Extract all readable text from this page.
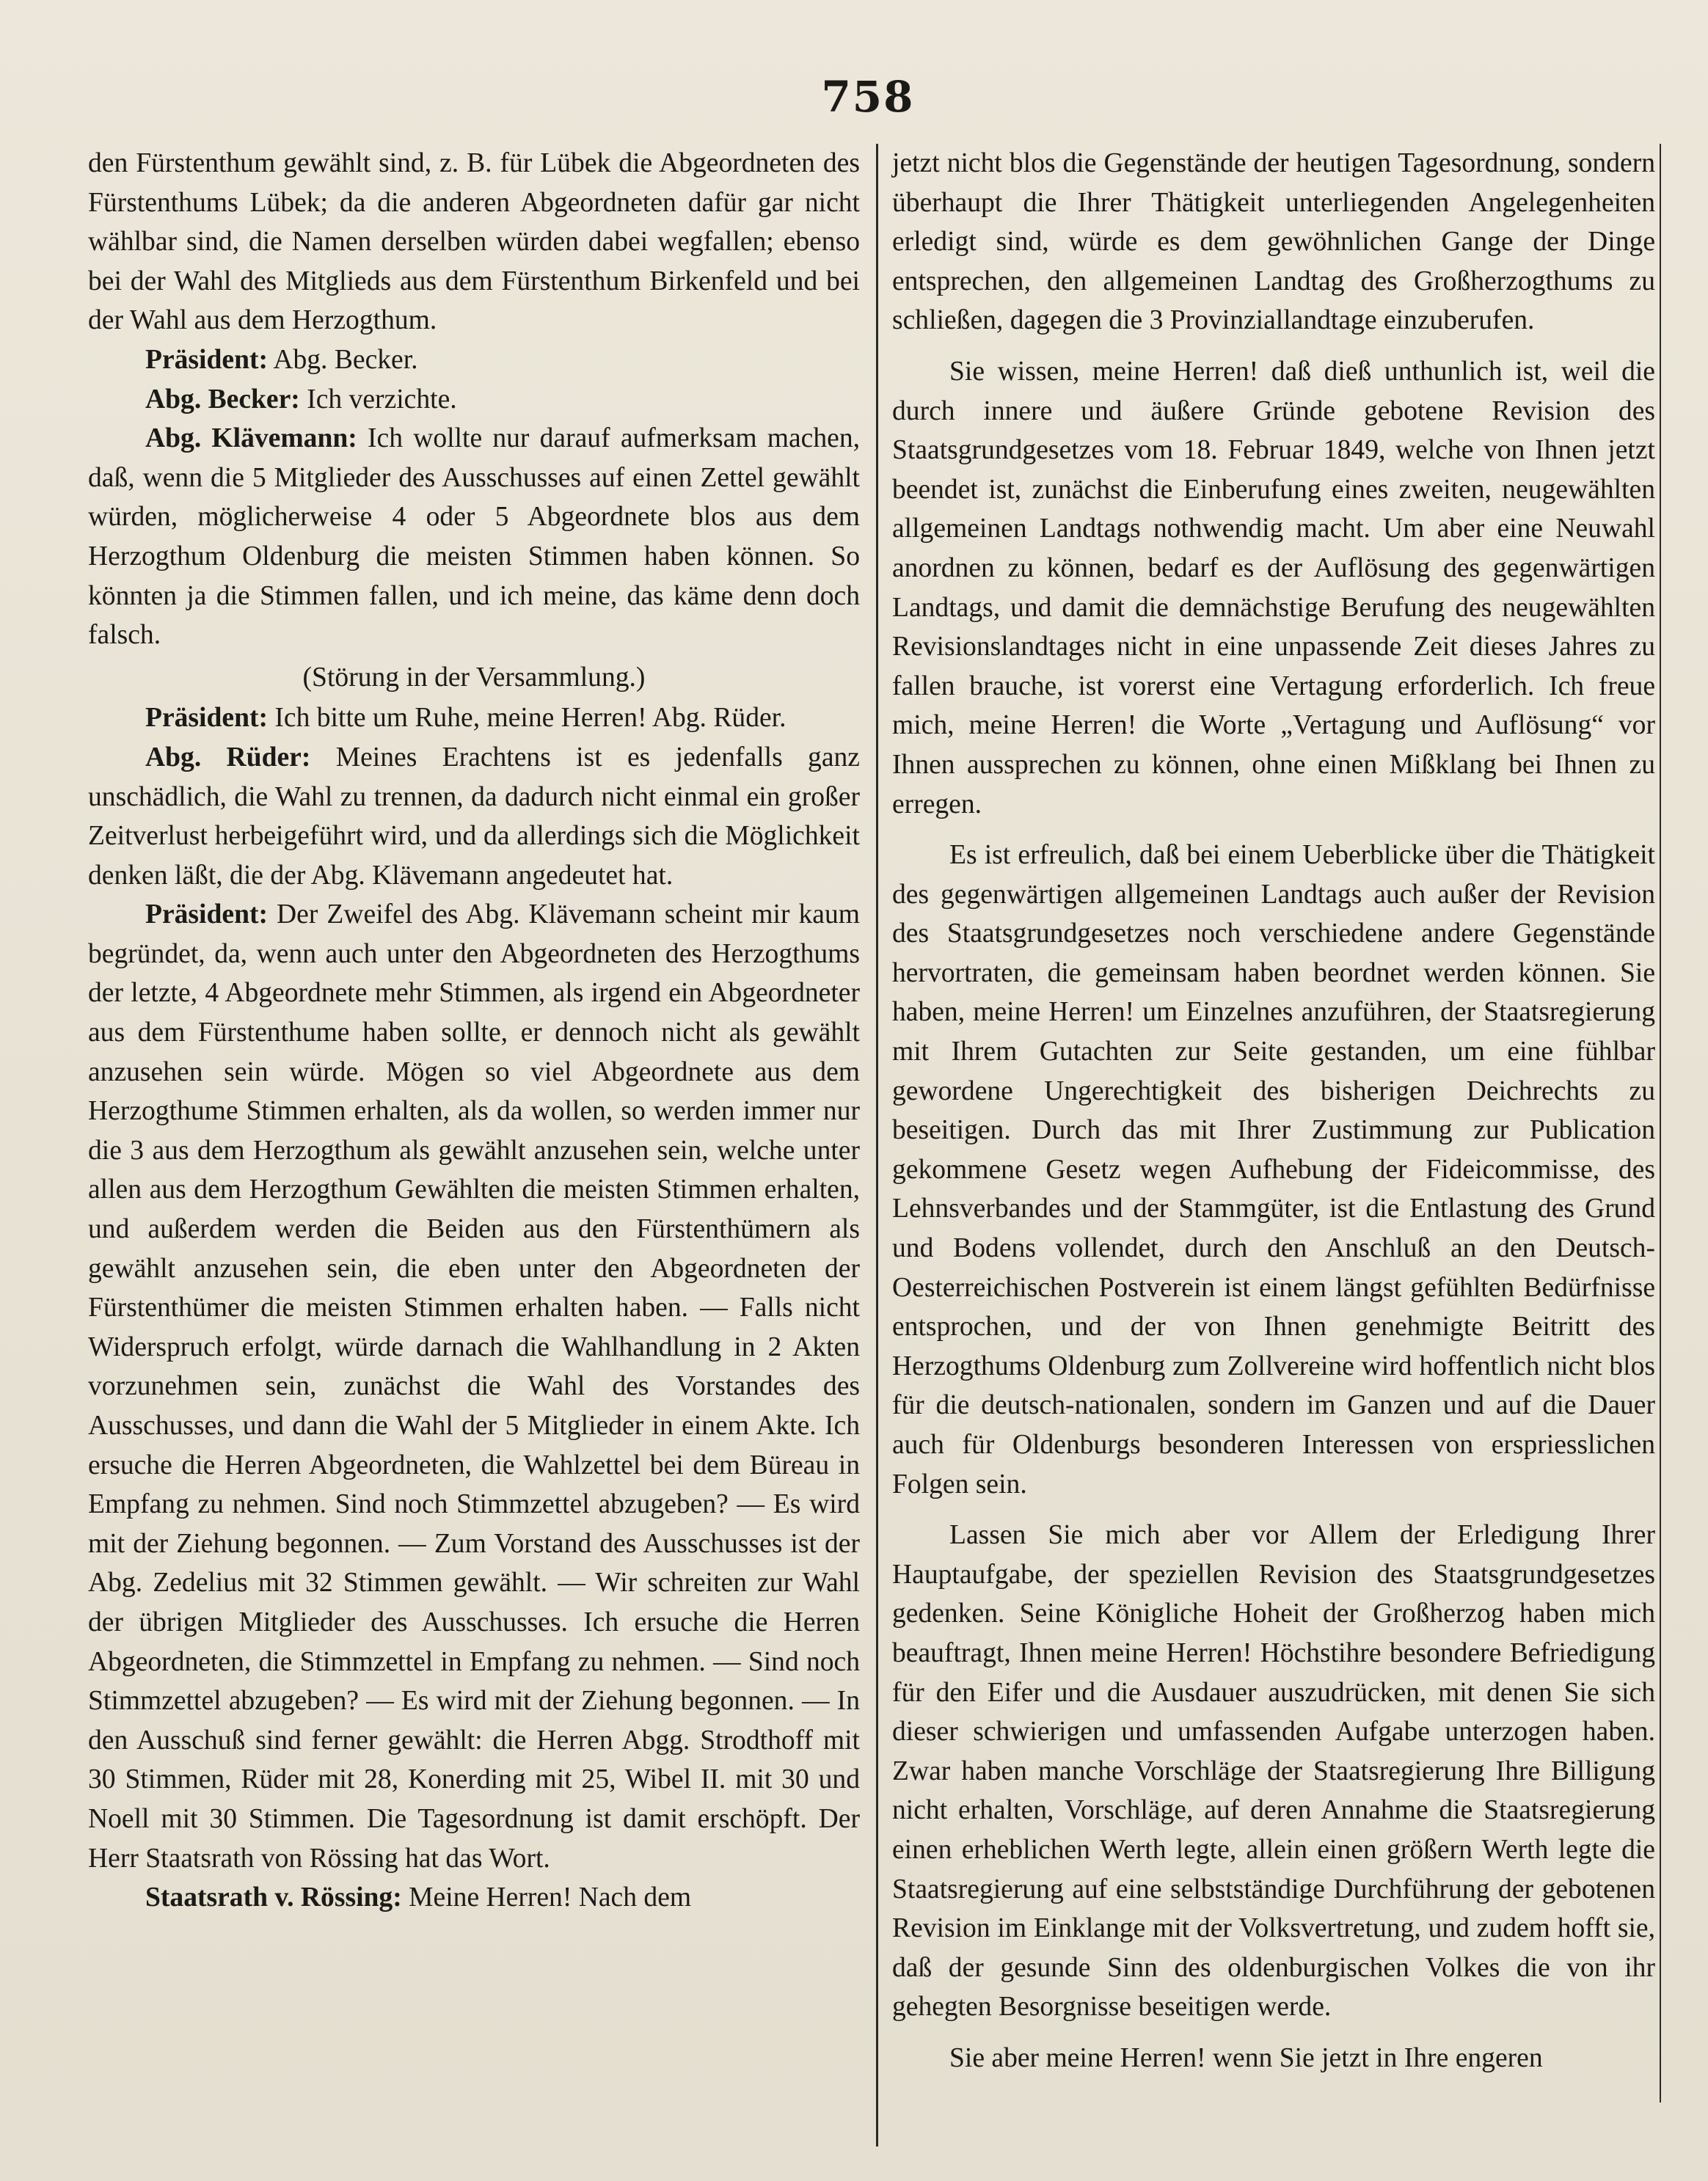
758

den Fürstenthum gewählt sind, z. B. für Lübek die Abgeordneten des Fürstenthums Lübek; da die anderen Abgeordneten dafür gar nicht wählbar sind, die Namen derselben würden dabei wegfallen; ebenso bei der Wahl des Mitglieds aus dem Fürstenthum Birkenfeld und bei der Wahl aus dem Herzogthum.

Präsident: Abg. Becker.

Abg. Becker: Ich verzichte.

Abg. Klävemann: Ich wollte nur darauf aufmerksam machen, daß, wenn die 5 Mitglieder des Ausschusses auf einen Zettel gewählt würden, möglicherweise 4 oder 5 Abgeordnete blos aus dem Herzogthum Oldenburg die meisten Stimmen haben können. So könnten ja die Stimmen fallen, und ich meine, das käme denn doch falsch.

(Störung in der Versammlung.)

Präsident: Ich bitte um Ruhe, meine Herren! Abg. Rüder.

Abg. Rüder: Meines Erachtens ist es jedenfalls ganz unschädlich, die Wahl zu trennen, da dadurch nicht einmal ein großer Zeitverlust herbeigeführt wird, und da allerdings sich die Möglichkeit denken läßt, die der Abg. Klävemann angedeutet hat.

Präsident: Der Zweifel des Abg. Klävemann scheint mir kaum begründet, da, wenn auch unter den Abgeordneten des Herzogthums der letzte, 4 Abgeordnete mehr Stimmen, als irgend ein Abgeordneter aus dem Fürstenthume haben sollte, er dennoch nicht als gewählt anzusehen sein würde. Mögen so viel Abgeordnete aus dem Herzogthume Stimmen erhalten, als da wollen, so werden immer nur die 3 aus dem Herzogthum als gewählt anzusehen sein, welche unter allen aus dem Herzogthum Gewählten die meisten Stimmen erhalten, und außerdem werden die Beiden aus den Fürstenthümern als gewählt anzusehen sein, die eben unter den Abgeordneten der Fürstenthümer die meisten Stimmen erhalten haben. — Falls nicht Widerspruch erfolgt, würde darnach die Wahlhandlung in 2 Akten vorzunehmen sein, zunächst die Wahl des Vorstandes des Ausschusses, und dann die Wahl der 5 Mitglieder in einem Akte. Ich ersuche die Herren Abgeordneten, die Wahlzettel bei dem Büreau in Empfang zu nehmen. Sind noch Stimmzettel abzugeben? — Es wird mit der Ziehung begonnen. — Zum Vorstand des Ausschusses ist der Abg. Zedelius mit 32 Stimmen gewählt. — Wir schreiten zur Wahl der übrigen Mitglieder des Ausschusses. Ich ersuche die Herren Abgeordneten, die Stimmzettel in Empfang zu nehmen. — Sind noch Stimmzettel abzugeben? — Es wird mit der Ziehung begonnen. — In den Ausschuß sind ferner gewählt: die Herren Abgg. Strodthoff mit 30 Stimmen, Rüder mit 28, Konerding mit 25, Wibel II. mit 30 und Noell mit 30 Stimmen. Die Tagesordnung ist damit erschöpft. Der Herr Staatsrath von Rössing hat das Wort.

Staatsrath v. Rössing: Meine Herren! Nach dem

jetzt nicht blos die Gegenstände der heutigen Tagesordnung, sondern überhaupt die Ihrer Thätigkeit unterliegenden Angelegenheiten erledigt sind, würde es dem gewöhnlichen Gange der Dinge entsprechen, den allgemeinen Landtag des Großherzogthums zu schließen, dagegen die 3 Provinziallandtage einzuberufen.

Sie wissen, meine Herren! daß dieß unthunlich ist, weil die durch innere und äußere Gründe gebotene Revision des Staatsgrundgesetzes vom 18. Februar 1849, welche von Ihnen jetzt beendet ist, zunächst die Einberufung eines zweiten, neugewählten allgemeinen Landtags nothwendig macht. Um aber eine Neuwahl anordnen zu können, bedarf es der Auflösung des gegenwärtigen Landtags, und damit die demnächstige Berufung des neugewählten Revisionslandtages nicht in eine unpassende Zeit dieses Jahres zu fallen brauche, ist vorerst eine Vertagung erforderlich. Ich freue mich, meine Herren! die Worte „Vertagung und Auflösung“ vor Ihnen aussprechen zu können, ohne einen Mißklang bei Ihnen zu erregen.

Es ist erfreulich, daß bei einem Ueberblicke über die Thätigkeit des gegenwärtigen allgemeinen Landtags auch außer der Revision des Staatsgrundgesetzes noch verschiedene andere Gegenstände hervortraten, die gemeinsam haben beordnet werden können. Sie haben, meine Herren! um Einzelnes anzuführen, der Staatsregierung mit Ihrem Gutachten zur Seite gestanden, um eine fühlbar gewordene Ungerechtigkeit des bisherigen Deichrechts zu beseitigen. Durch das mit Ihrer Zustimmung zur Publication gekommene Gesetz wegen Aufhebung der Fideicommisse, des Lehnsverbandes und der Stammgüter, ist die Entlastung des Grund und Bodens vollendet, durch den Anschluß an den Deutsch-Oesterreichischen Postverein ist einem längst gefühlten Bedürfnisse entsprochen, und der von Ihnen genehmigte Beitritt des Herzogthums Oldenburg zum Zollvereine wird hoffentlich nicht blos für die deutsch-nationalen, sondern im Ganzen und auf die Dauer auch für Oldenburgs besonderen Interessen von erspriesslichen Folgen sein.

Lassen Sie mich aber vor Allem der Erledigung Ihrer Hauptaufgabe, der speziellen Revision des Staatsgrundgesetzes gedenken. Seine Königliche Hoheit der Großherzog haben mich beauftragt, Ihnen meine Herren! Höchstihre besondere Befriedigung für den Eifer und die Ausdauer auszudrücken, mit denen Sie sich dieser schwierigen und umfassenden Aufgabe unterzogen haben. Zwar haben manche Vorschläge der Staatsregierung Ihre Billigung nicht erhalten, Vorschläge, auf deren Annahme die Staatsregierung einen erheblichen Werth legte, allein einen größern Werth legte die Staatsregierung auf eine selbstständige Durchführung der gebotenen Revision im Einklange mit der Volksvertretung, und zudem hofft sie, daß der gesunde Sinn des oldenburgischen Volkes die von ihr gehegten Besorgnisse beseitigen werde.

Sie aber meine Herren! wenn Sie jetzt in Ihre engeren
